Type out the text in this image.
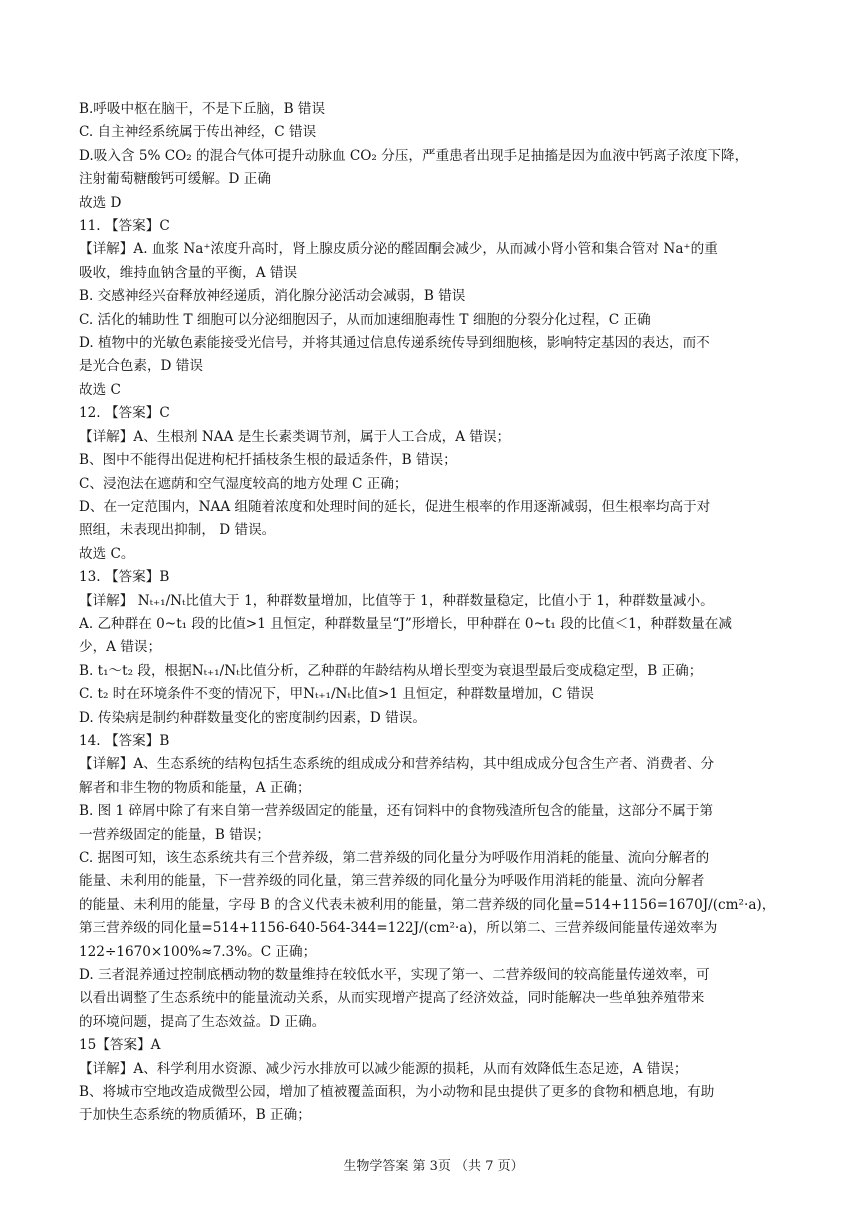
B.呼吸中枢在脑干，不是下丘脑，B 错误
C. 自主神经系统属于传出神经，C 错误
D.吸入含 5% CO₂ 的混合气体可提升动脉血 CO₂ 分压，严重患者出现手足抽搐是因为血液中钙离子浓度下降，
注射葡萄糖酸钙可缓解。D 正确
故选 D
11. 【答案】C
【详解】A. 血浆 Na⁺浓度升高时，肾上腺皮质分泌的醛固酮会减少，从而减小肾小管和集合管对 Na⁺的重
吸收，维持血钠含量的平衡，A 错误
B. 交感神经兴奋释放神经递质，消化腺分泌活动会减弱，B 错误
C. 活化的辅助性 T 细胞可以分泌细胞因子，从而加速细胞毒性 T 细胞的分裂分化过程，C 正确
D. 植物中的光敏色素能接受光信号，并将其通过信息传递系统传导到细胞核，影响特定基因的表达，而不
是光合色素，D 错误
故选 C
12. 【答案】C
【详解】A、生根剂 NAA 是生长素类调节剂，属于人工合成，A 错误；
B、图中不能得出促进枸杞扦插枝条生根的最适条件，B 错误；
C、浸泡法在遮荫和空气湿度较高的地方处理 C 正确；
D、在一定范围内，NAA 组随着浓度和处理时间的延长，促进生根率的作用逐渐减弱，但生根率均高于对
照组，未表现出抑制， D 错误。
故选 C。
13. 【答案】B
【详解】 Nₜ₊₁/Nₜ比值大于 1，种群数量增加，比值等于 1，种群数量稳定，比值小于 1，种群数量减小。
A. 乙种群在 0~t₁ 段的比值>1 且恒定，种群数量呈“J”形增长，甲种群在 0~t₁ 段的比值＜1，种群数量在减
少，A 错误；
B. t₁～t₂ 段，根据Nₜ₊₁/Nₜ比值分析，乙种群的年龄结构从增长型变为衰退型最后变成稳定型，B 正确；
C. t₂ 时在环境条件不变的情况下，甲Nₜ₊₁/Nₜ比值>1 且恒定，种群数量增加，C 错误
D. 传染病是制约种群数量变化的密度制约因素，D 错误。
14. 【答案】B
【详解】A、生态系统的结构包括生态系统的组成成分和营养结构，其中组成成分包含生产者、消费者、分
解者和非生物的物质和能量，A 正确；
B. 图 1 碎屑中除了有来自第一营养级固定的能量，还有饲料中的食物残渣所包含的能量，这部分不属于第
一营养级固定的能量，B 错误；
C. 据图可知，该生态系统共有三个营养级，第二营养级的同化量分为呼吸作用消耗的能量、流向分解者的
能量、未利用的能量，下一营养级的同化量，第三营养级的同化量分为呼吸作用消耗的能量、流向分解者
的能量、未利用的能量，字母 B 的含义代表未被利用的能量，第二营养级的同化量=514+1156=1670J/(cm²·a)，
第三营养级的同化量=514+1156-640-564-344=122J/(cm²·a)，所以第二、三营养级间能量传递效率为
122÷1670×100%≈7.3%。C 正确；
D. 三者混养通过控制底栖动物的数量维持在较低水平，实现了第一、二营养级间的较高能量传递效率，可
以看出调整了生态系统中的能量流动关系，从而实现增产提高了经济效益，同时能解决一些单独养殖带来
的环境问题，提高了生态效益。D 正确。
15【答案】A
【详解】A、科学利用水资源、减少污水排放可以减少能源的损耗，从而有效降低生态足迹，A 错误；
B、将城市空地改造成微型公园，增加了植被覆盖面积，为小动物和昆虫提供了更多的食物和栖息地，有助
于加快生态系统的物质循环，B 正确；
生物学答案 第 3页 （共 7 页）
